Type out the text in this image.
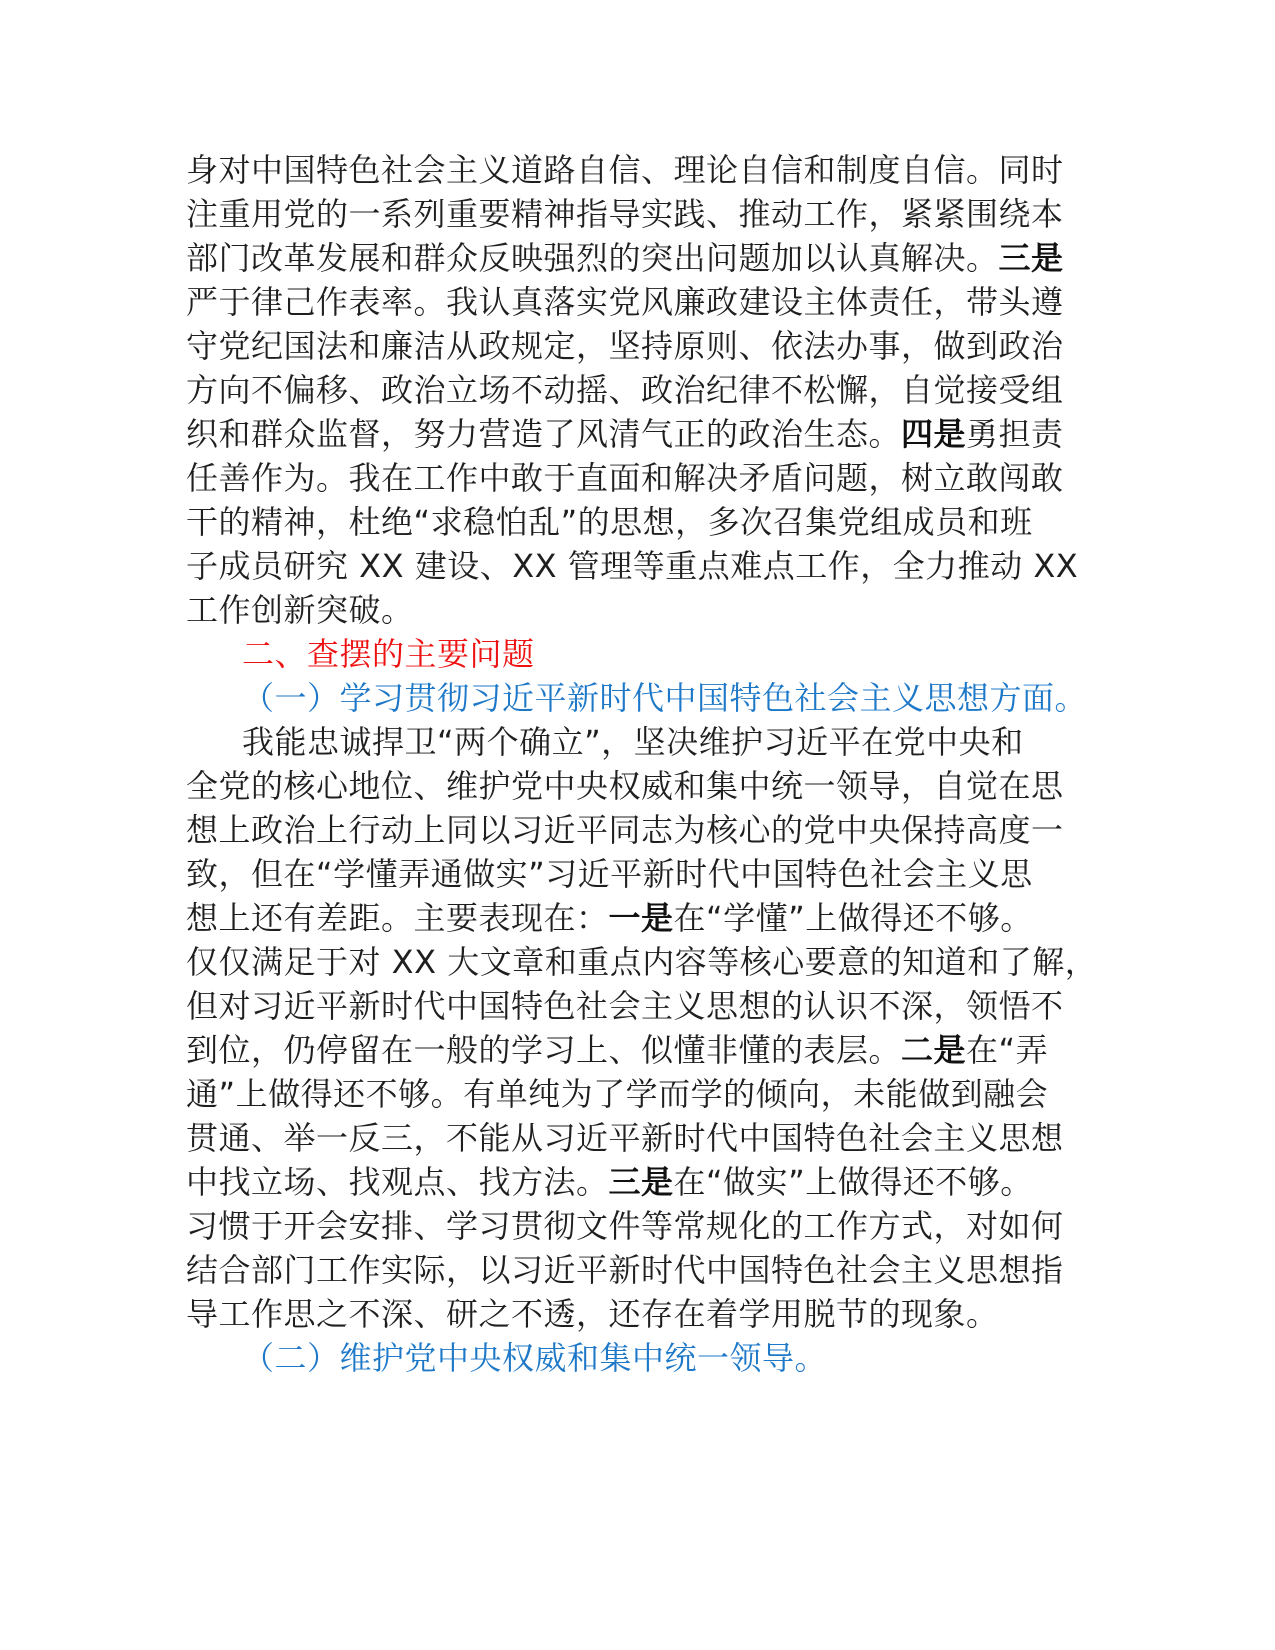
身对中国特色社会主义道路自信、理论自信和制度自信。同时
注重用党的一系列重要精神指导实践、推动工作，紧紧围绕本
部门改革发展和群众反映强烈的突出问题加以认真解决。三是
严于律己作表率。我认真落实党风廉政建设主体责任，带头遵
守党纪国法和廉洁从政规定，坚持原则、依法办事，做到政治
方向不偏移、政治立场不动摇、政治纪律不松懈，自觉接受组
织和群众监督，努力营造了风清气正的政治生态。四是勇担责
任善作为。我在工作中敢于直面和解决矛盾问题，树立敢闯敢
干的精神，杜绝“求稳怕乱”的思想，多次召集党组成员和班
子成员研究 XX 建设、XX 管理等重点难点工作，全力推动 XX
工作创新突破。
二、查摆的主要问题
（一）学习贯彻习近平新时代中国特色社会主义思想方面。
我能忠诚捍卫“两个确立”，坚决维护习近平在党中央和
全党的核心地位、维护党中央权威和集中统一领导，自觉在思
想上政治上行动上同以习近平同志为核心的党中央保持高度一
致，但在“学懂弄通做实”习近平新时代中国特色社会主义思
想上还有差距。主要表现在：一是在“学懂”上做得还不够。
仅仅满足于对 XX 大文章和重点内容等核心要意的知道和了解，
但对习近平新时代中国特色社会主义思想的认识不深，领悟不
到位，仍停留在一般的学习上、似懂非懂的表层。二是在“弄
通”上做得还不够。有单纯为了学而学的倾向，未能做到融会
贯通、举一反三，不能从习近平新时代中国特色社会主义思想
中找立场、找观点、找方法。三是在“做实”上做得还不够。
习惯于开会安排、学习贯彻文件等常规化的工作方式，对如何
结合部门工作实际，以习近平新时代中国特色社会主义思想指
导工作思之不深、研之不透，还存在着学用脱节的现象。
（二）维护党中央权威和集中统一领导。
